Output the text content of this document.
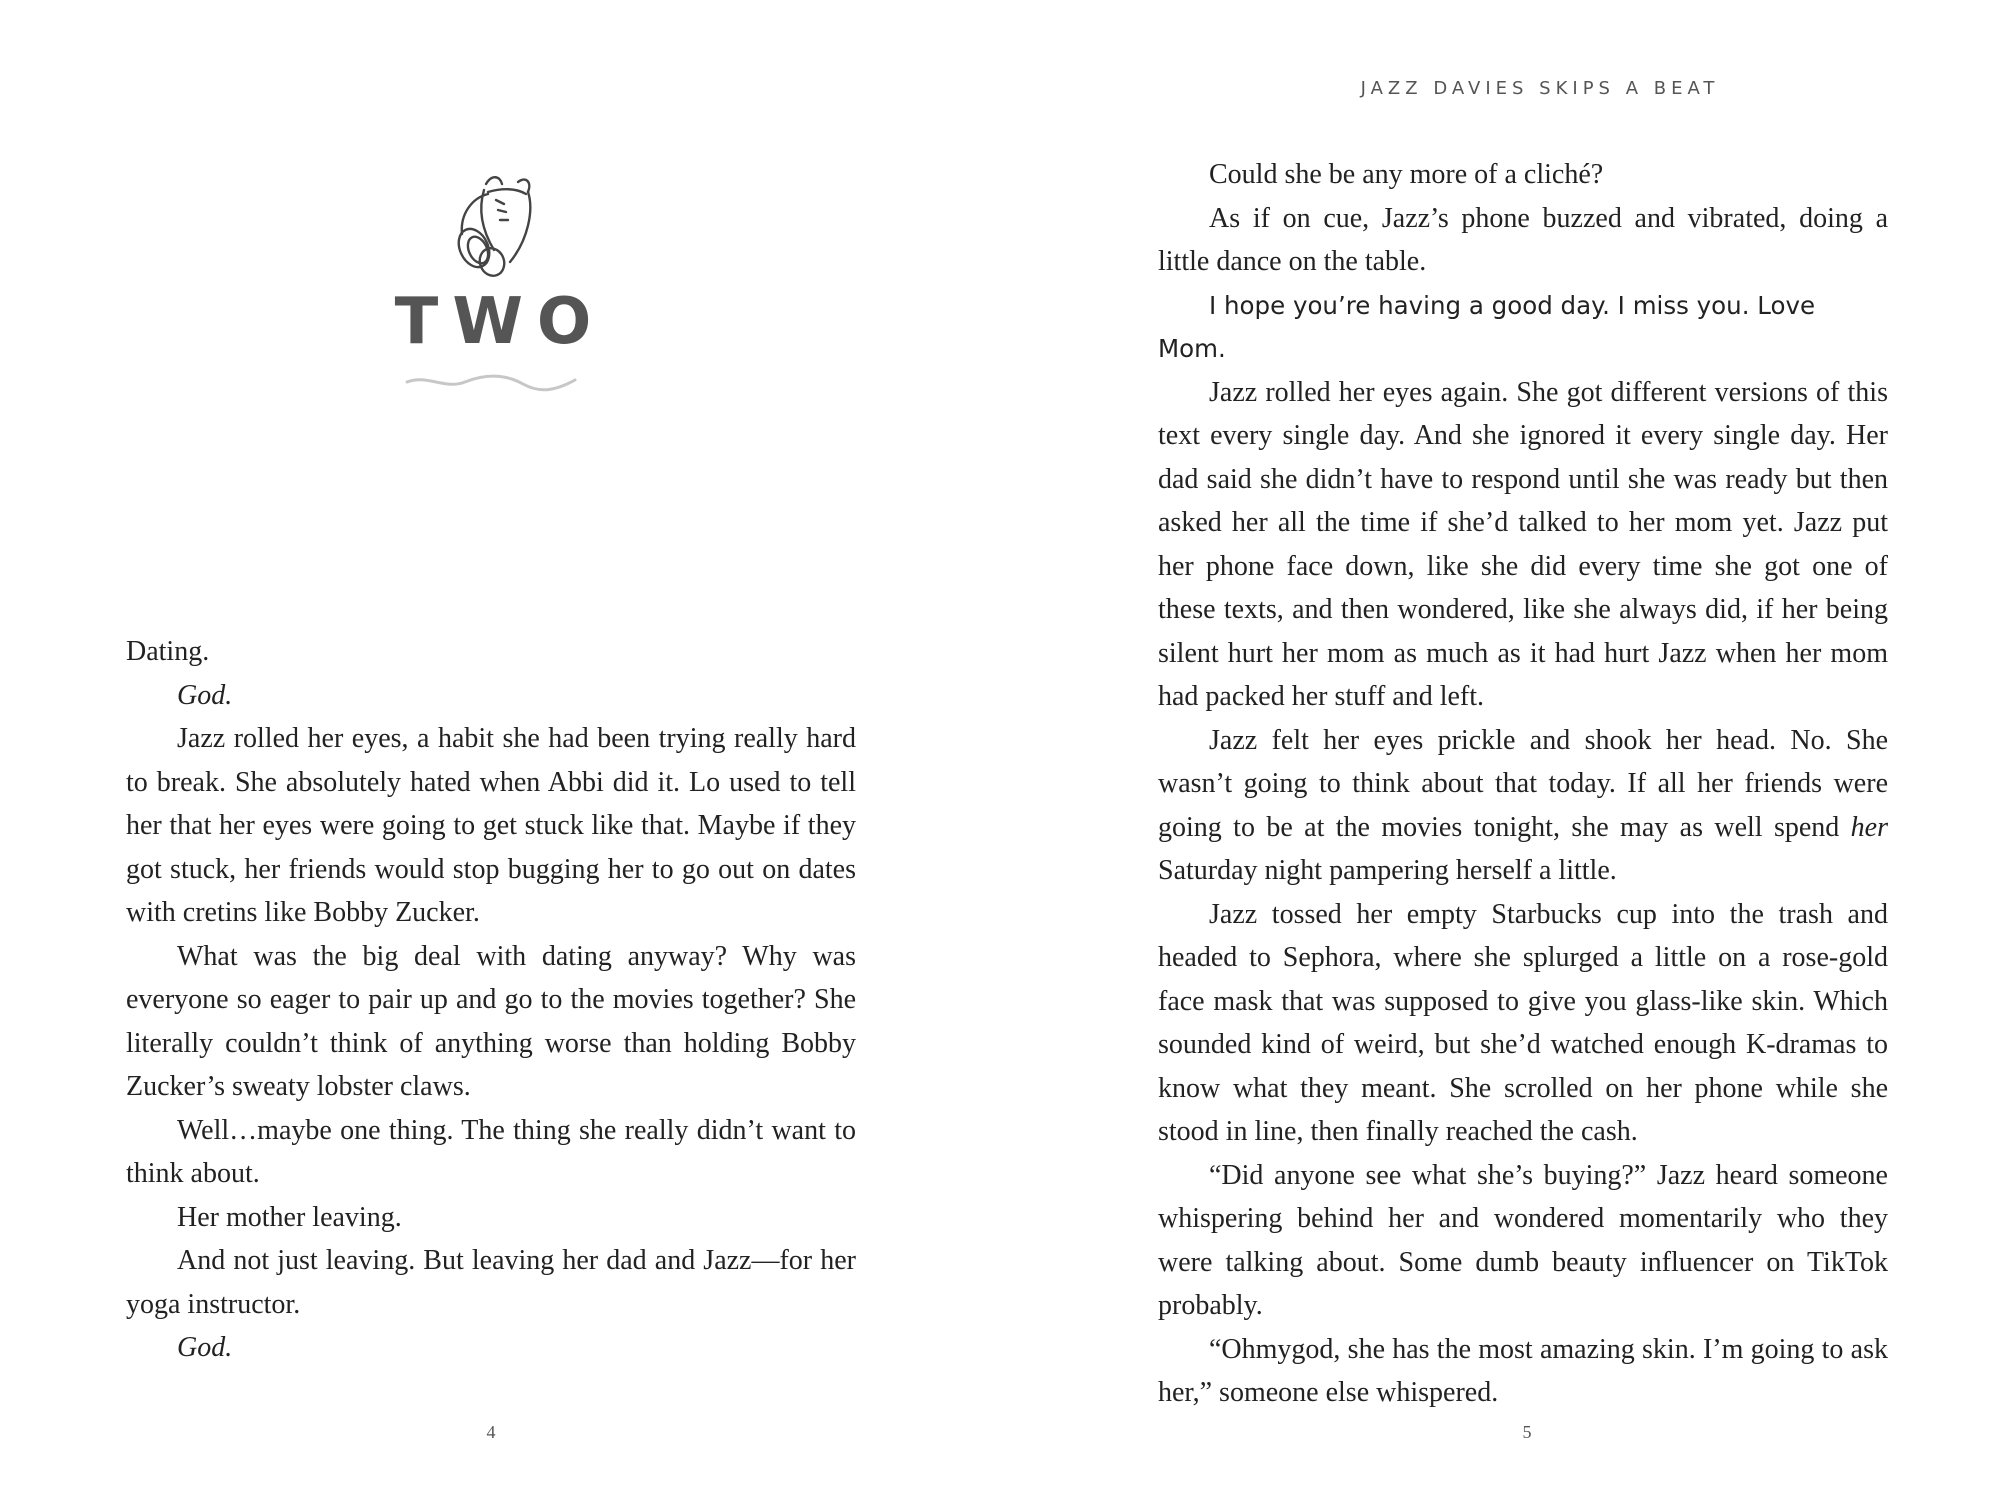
TWO

Dating.

God.

Jazz rolled her eyes, a habit she had been trying really hard to break. She absolutely hated when Abbi did it. Lo used to tell her that her eyes were going to get stuck like that. Maybe if they got stuck, her friends would stop bugging her to go out on dates with cretins like Bobby Zucker.

What was the big deal with dating anyway? Why was everyone so eager to pair up and go to the movies together? She literally couldn’t think of anything worse than holding Bobby Zucker’s sweaty lobster claws.

Well…maybe one thing. The thing she really didn’t want to think about.

Her mother leaving.

And not just leaving. But leaving her dad and Jazz—for her yoga instructor.

God.

4
JAZZ DAVIES SKIPS A BEAT

Could she be any more of a cliché?

As if on cue, Jazz’s phone buzzed and vibrated, doing a little dance on the table.

I hope you’re having a good day. I miss you. Love Mom.

Jazz rolled her eyes again. She got different versions of this text every single day. And she ignored it every single day. Her dad said she didn’t have to respond until she was ready but then asked her all the time if she’d talked to her mom yet. Jazz put her phone face down, like she did every time she got one of these texts, and then wondered, like she always did, if her being silent hurt her mom as much as it had hurt Jazz when her mom had packed her stuff and left.

Jazz felt her eyes prickle and shook her head. No. She wasn’t going to think about that today. If all her friends were going to be at the movies tonight, she may as well spend her Saturday night pampering herself a little.

Jazz tossed her empty Starbucks cup into the trash and headed to Sephora, where she splurged a little on a rose-gold face mask that was supposed to give you glass-like skin. Which sounded kind of weird, but she’d watched enough K-dramas to know what they meant. She scrolled on her phone while she stood in line, then finally reached the cash.

“Did anyone see what she’s buying?” Jazz heard someone whispering behind her and wondered momentarily who they were talking about. Some dumb beauty influencer on TikTok probably.

“Ohmygod, she has the most amazing skin. I’m going to ask her,” someone else whispered.

5
